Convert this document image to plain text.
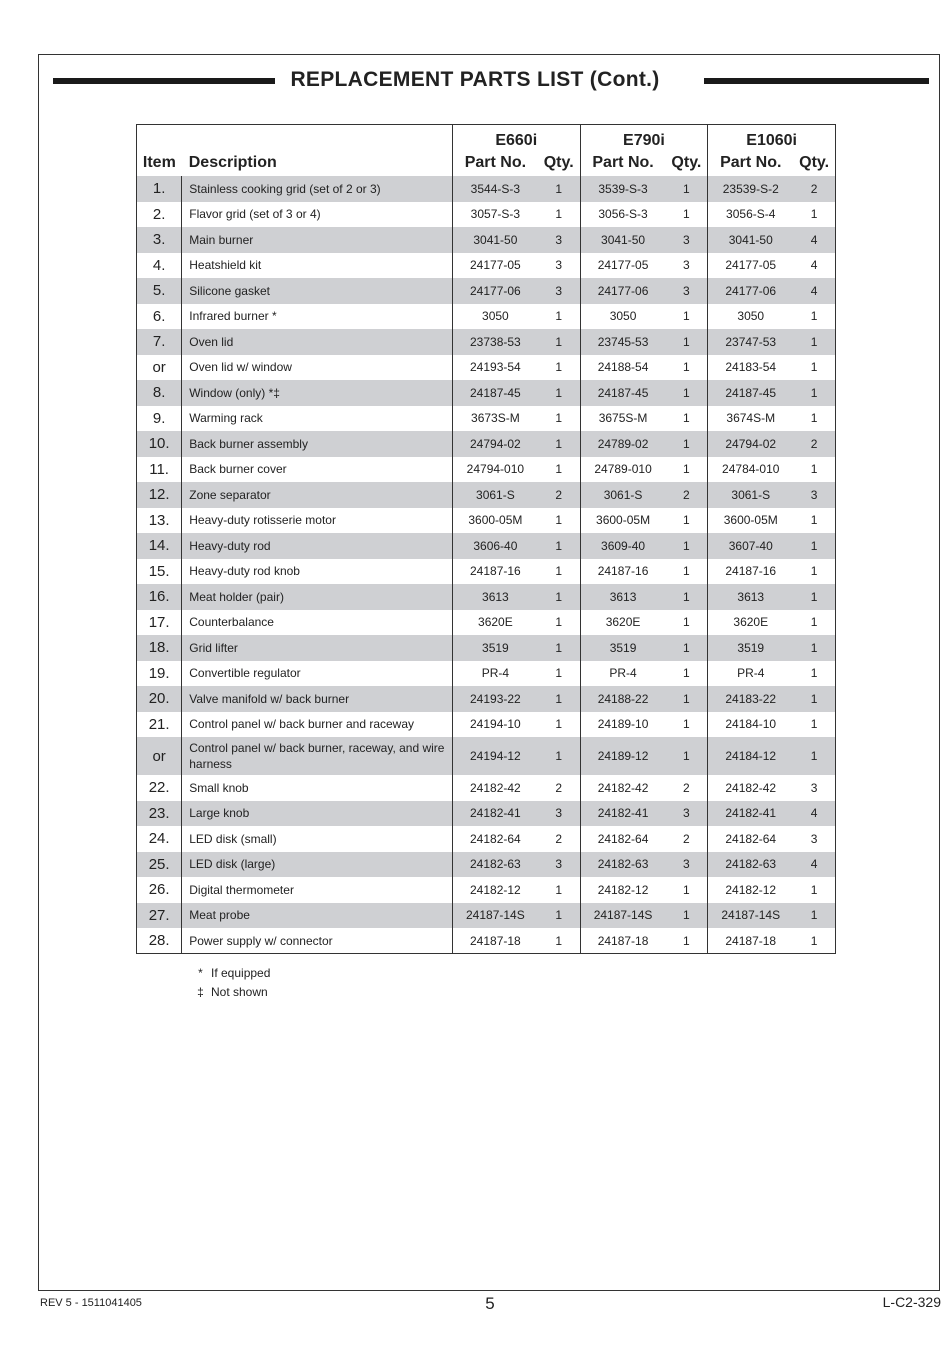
REPLACEMENT PARTS LIST (Cont.)
		E660i		E790i		E1060i	
Item	Description	Part No.	Qty.	Part No.	Qty.	Part No.	Qty.
1.	Stainless cooking grid (set of 2 or 3)	3544-S-3	1	3539-S-3	1	23539-S-2	2
2.	Flavor grid (set of 3 or 4)	3057-S-3	1	3056-S-3	1	3056-S-4	1
3.	Main burner	3041-50	3	3041-50	3	3041-50	4
4.	Heatshield kit	24177-05	3	24177-05	3	24177-05	4
5.	Silicone gasket	24177-06	3	24177-06	3	24177-06	4
6.	Infrared burner *	3050	1	3050	1	3050	1
7.	Oven lid	23738-53	1	23745-53	1	23747-53	1
or	Oven lid w/ window	24193-54	1	24188-54	1	24183-54	1
8.	Window (only) *‡	24187-45	1	24187-45	1	24187-45	1
9.	Warming rack	3673S-M	1	3675S-M	1	3674S-M	1
10.	Back burner assembly	24794-02	1	24789-02	1	24794-02	2
11.	Back burner cover	24794-010	1	24789-010	1	24784-010	1
12.	Zone separator	3061-S	2	3061-S	2	3061-S	3
13.	Heavy-duty rotisserie motor	3600-05M	1	3600-05M	1	3600-05M	1
14.	Heavy-duty rod	3606-40	1	3609-40	1	3607-40	1
15.	Heavy-duty rod knob	24187-16	1	24187-16	1	24187-16	1
16.	Meat holder (pair)	3613	1	3613	1	3613	1
17.	Counterbalance	3620E	1	3620E	1	3620E	1
18.	Grid lifter	3519	1	3519	1	3519	1
19.	Convertible regulator	PR-4	1	PR-4	1	PR-4	1
20.	Valve manifold w/ back burner	24193-22	1	24188-22	1	24183-22	1
21.	Control panel w/ back burner and raceway	24194-10	1	24189-10	1	24184-10	1
or	Control panel w/ back burner, raceway, and wire harness	24194-12	1	24189-12	1	24184-12	1
22.	Small knob	24182-42	2	24182-42	2	24182-42	3
23.	Large knob	24182-41	3	24182-41	3	24182-41	4
24.	LED disk (small)	24182-64	2	24182-64	2	24182-64	3
25.	LED disk (large)	24182-63	3	24182-63	3	24182-63	4
26.	Digital thermometer	24182-12	1	24182-12	1	24182-12	1
27.	Meat probe	24187-14S	1	24187-14S	1	24187-14S	1
28.	Power supply w/ connector	24187-18	1	24187-18	1	24187-18	1
* If equipped
‡ Not shown
REV 5 - 1511041405	5	L-C2-329
